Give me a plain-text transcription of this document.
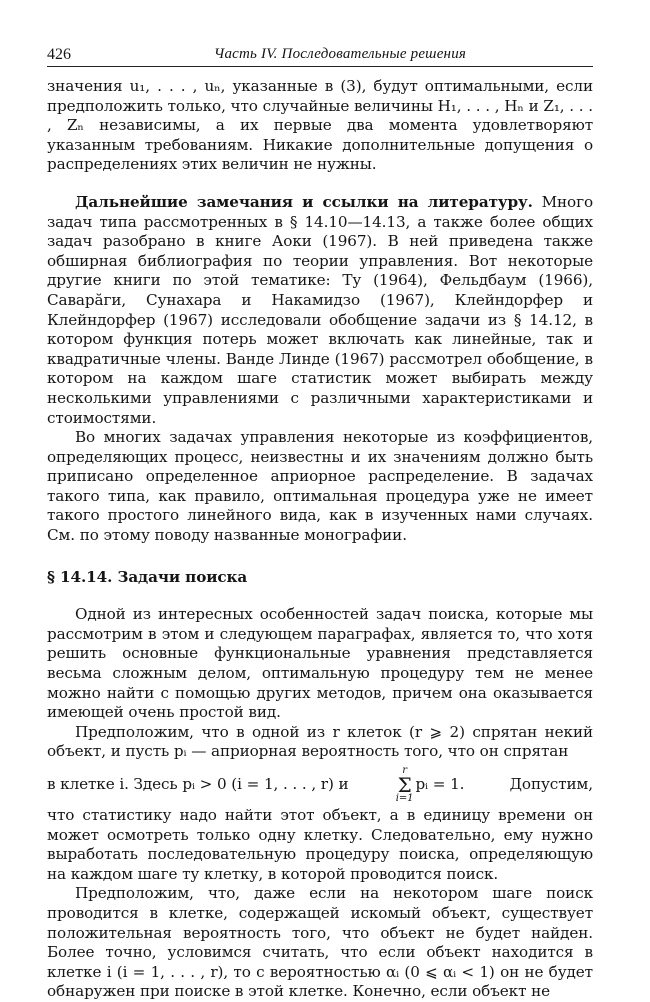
426	Часть IV. Последовательные решения

значения u₁, . . . , uₙ, указанные в (3), будут оптимальными, если предположить только, что случайные величины H₁, . . . , Hₙ и Z₁, . . . , Zₙ независимы, а их первые два момента удовлетворяют указанным требованиям. Никакие дополнительные допущения о распределениях этих величин не нужны.

Дальнейшие замечания и ссылки на литературу. Много задач типа рассмотренных в § 14.10—14.13, а также более общих задач разобрано в книге Аоки (1967). В ней приведена также обширная библиография по теории управления. Вот некоторые другие книги по этой тематике: Ту (1964), Фельдбаум (1966), Саварăги, Сунахара и Накамидзо (1967), Клейндорфер и Клейндорфер (1967) исследовали обобщение задачи из § 14.12, в котором функция потерь может включать как линейные, так и квадратичные члены. Ванде Линде (1967) рассмотрел обобщение, в котором на каждом шаге статистик может выбирать между несколькими управлениями с различными характеристиками и стоимостями.

Во многих задачах управления некоторые из коэффициентов, определяющих процесс, неизвестны и их значениям должно быть приписано определенное априорное распределение. В задачах такого типа, как правило, оптимальная процедура уже не имеет такого простого линейного вида, как в изученных нами случаях. См. по этому поводу названные монографии.

§ 14.14. Задачи поиска

Одной из интересных особенностей задач поиска, которые мы рассмотрим в этом и следующем параграфах, является то, что хотя решить основные функциональные уравнения представляется весьма сложным делом, оптимальную процедуру тем не менее можно найти с помощью других методов, причем она оказывается имеющей очень простой вид.

Предположим, что в одной из r клеток (r ⩾ 2) спрятан некий объект, и пусть pᵢ — априорная вероятность того, что он спрятан

в клетке i. Здесь pᵢ > 0 (i = 1, . . . , r) и
r
Σ
i=1
pᵢ = 1.	Допустим,

что статистику надо найти этот объект, а в единицу времени он может осмотреть только одну клетку. Следовательно, ему нужно выработать последовательную процедуру поиска, определяющую на каждом шаге ту клетку, в которой проводится поиск.

Предположим, что, даже если на некотором шаге поиск проводится в клетке, содержащей искомый объект, существует положительная вероятность того, что объект не будет найден. Более точно, условимся считать, что если объект находится в клетке i (i = 1, . . . , r), то с вероятностью αᵢ (0 ⩽ αᵢ < 1) он не будет обнаружен при поиске в этой клетке. Конечно, если объект не
